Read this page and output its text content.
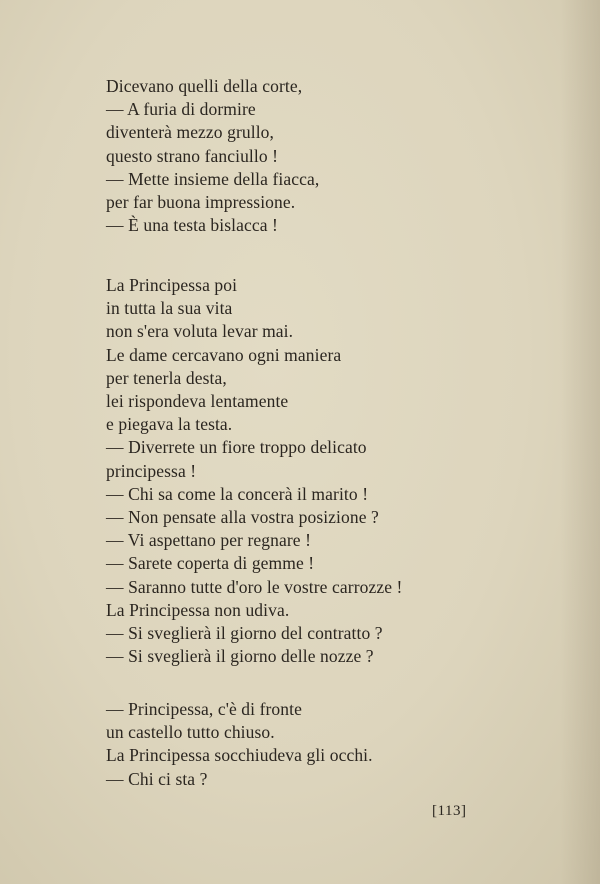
Dicevano quelli della corte,
— A furia di dormire
diventerà mezzo grullo,
questo strano fanciullo !
— Mette insieme della fiacca,
per far buona impressione.
— È una testa bislacca !
La Principessa poi
in tutta la sua vita
non s'era voluta levar mai.
Le dame cercavano ogni maniera
per tenerla desta,
lei rispondeva lentamente
e piegava la testa.
— Diverrete un fiore troppo delicato
principessa !
— Chi sa come la concerà il marito !
— Non pensate alla vostra posizione ?
— Vi aspettano per regnare !
— Sarete coperta di gemme !
— Saranno tutte d'oro le vostre carrozze !
La Principessa non udiva.
— Si sveglierà il giorno del contratto ?
— Si sveglierà il giorno delle nozze ?
— Principessa, c'è di fronte
un castello tutto chiuso.
La Principessa socchiudeva gli occhi.
— Chi ci sta ?
[113]
